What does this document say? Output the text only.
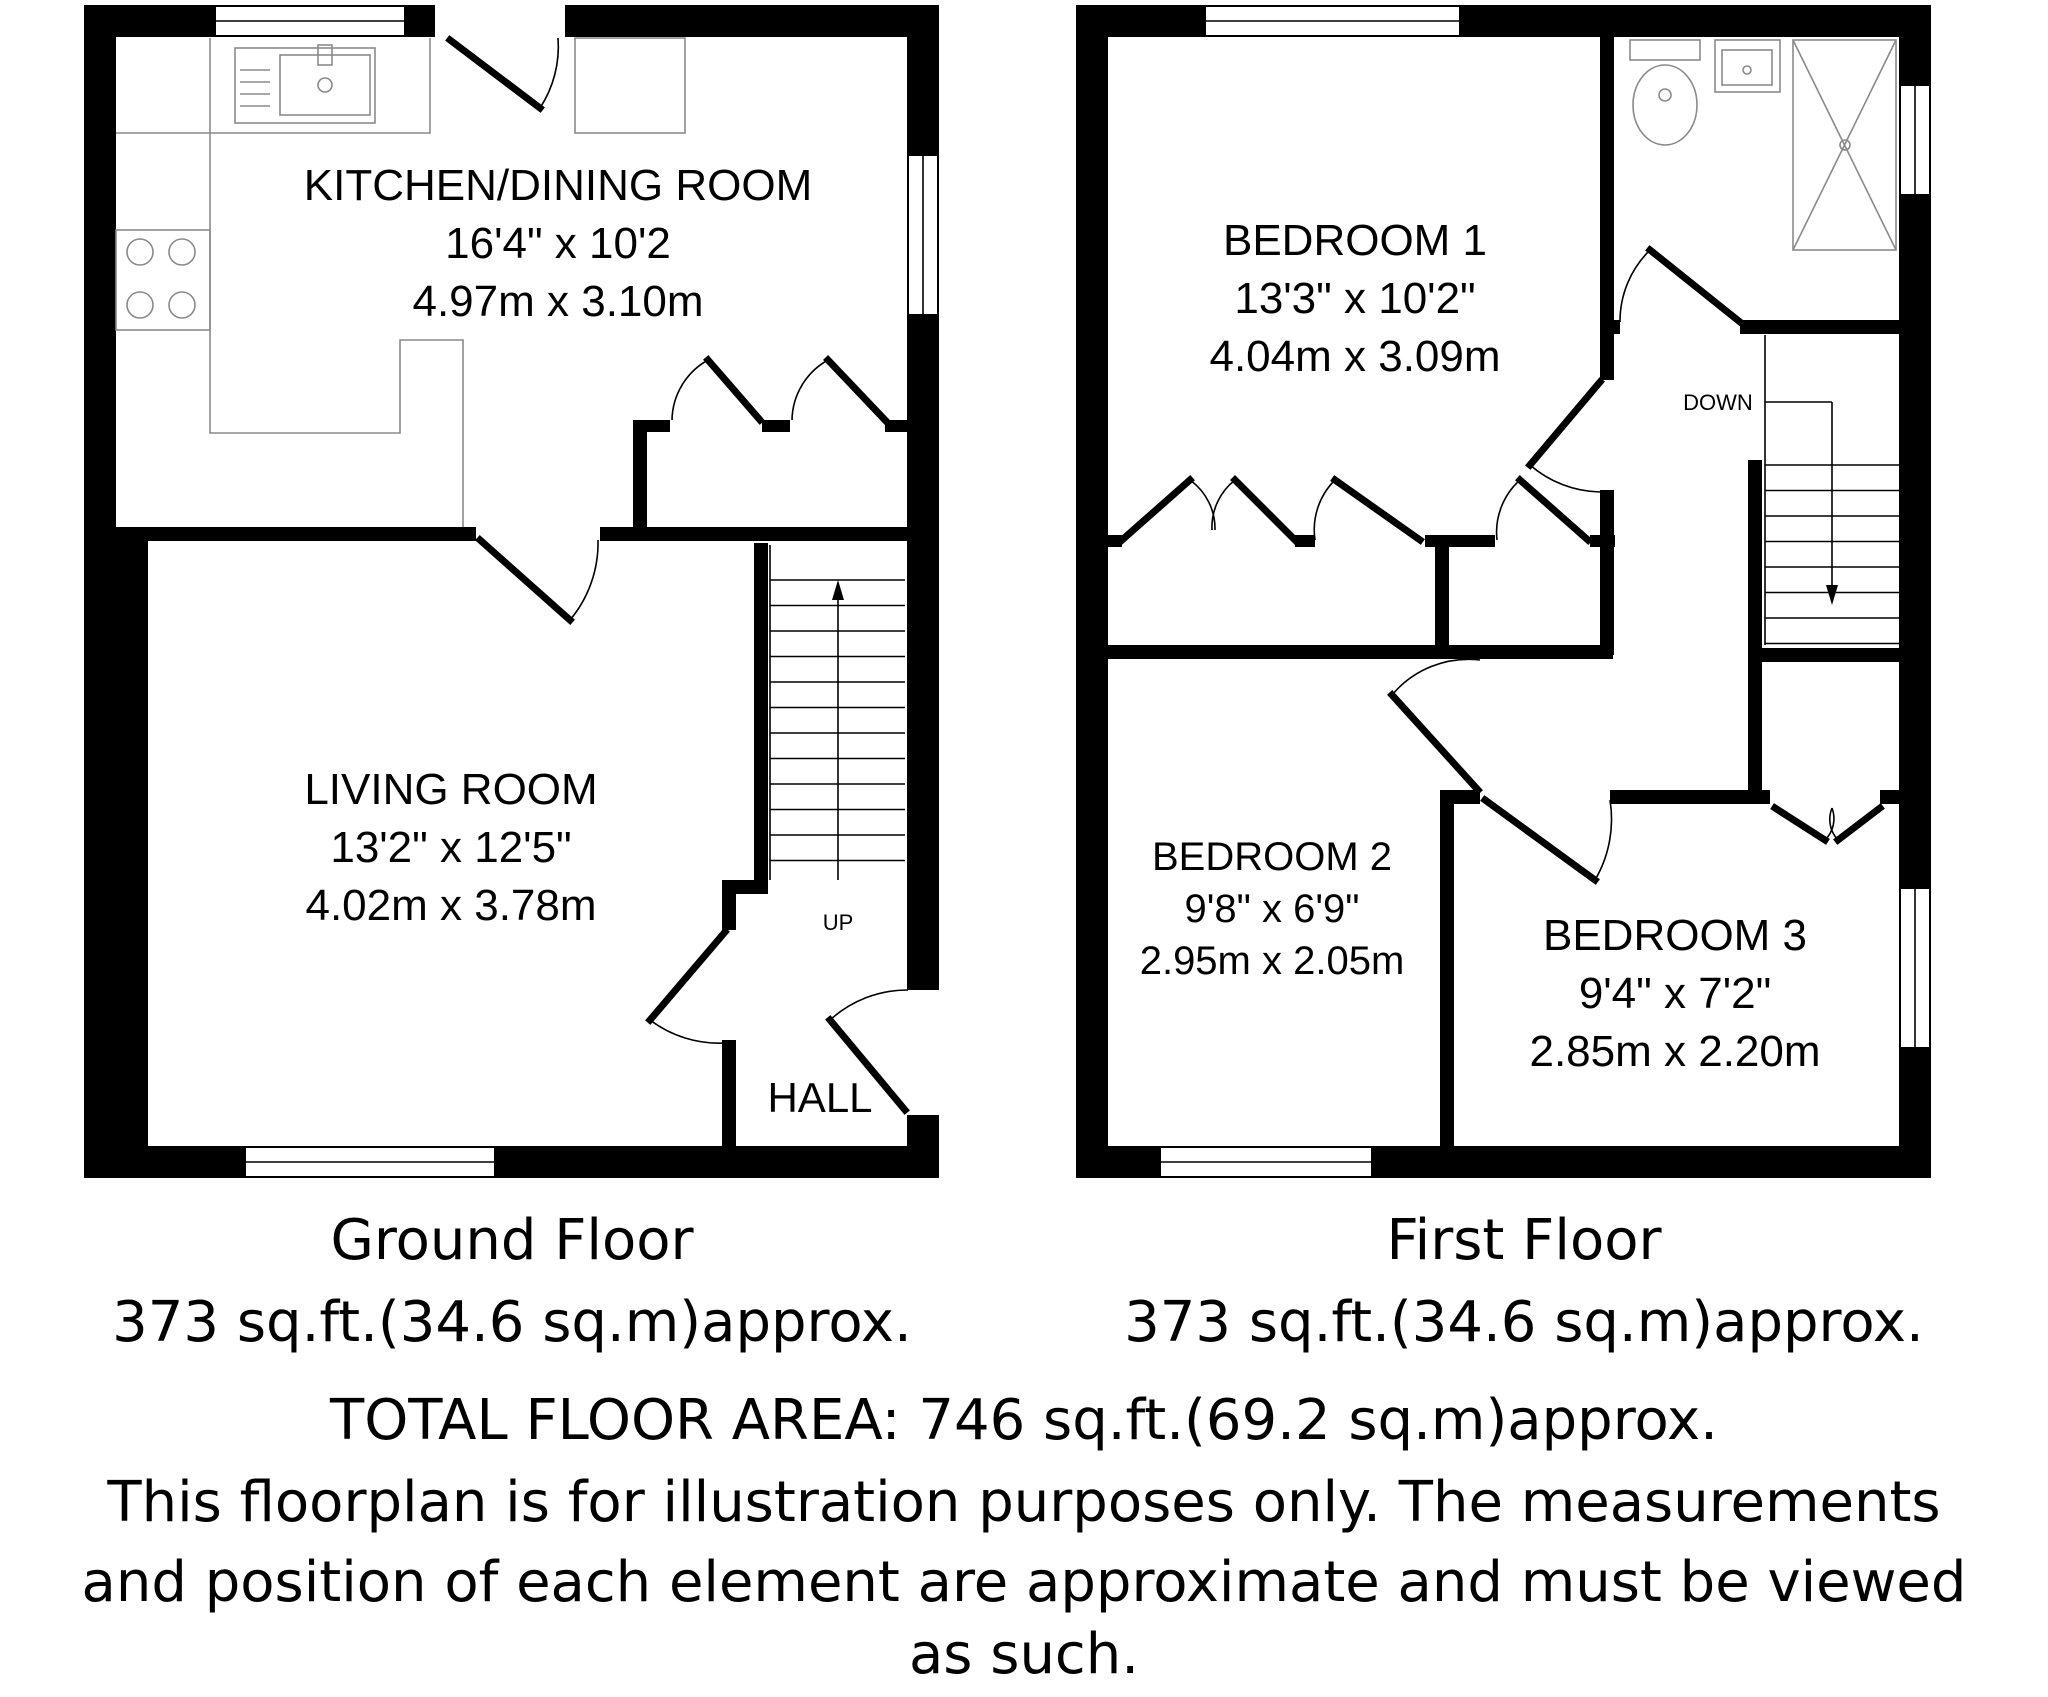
KITCHEN/DINING ROOM
16'4" x 10'2
4.97m x 3.10m
LIVING ROOM
13'2" x 12'5"
4.02m x 3.78m
HALL
UP
BEDROOM 1
13'3" x 10'2"
4.04m x 3.09m
BEDROOM 2
9'8" x 6'9"
2.95m x 2.05m
BEDROOM 3
9'4" x 7'2"
2.85m x 2.20m
DOWN
Ground Floor
373 sq.ft.(34.6 sq.m)approx.
First Floor
373 sq.ft.(34.6 sq.m)approx.
TOTAL FLOOR AREA: 746 sq.ft.(69.2 sq.m)approx.
This floorplan is for illustration purposes only. The measurements
and position of each element are approximate and must be viewed
as such.
